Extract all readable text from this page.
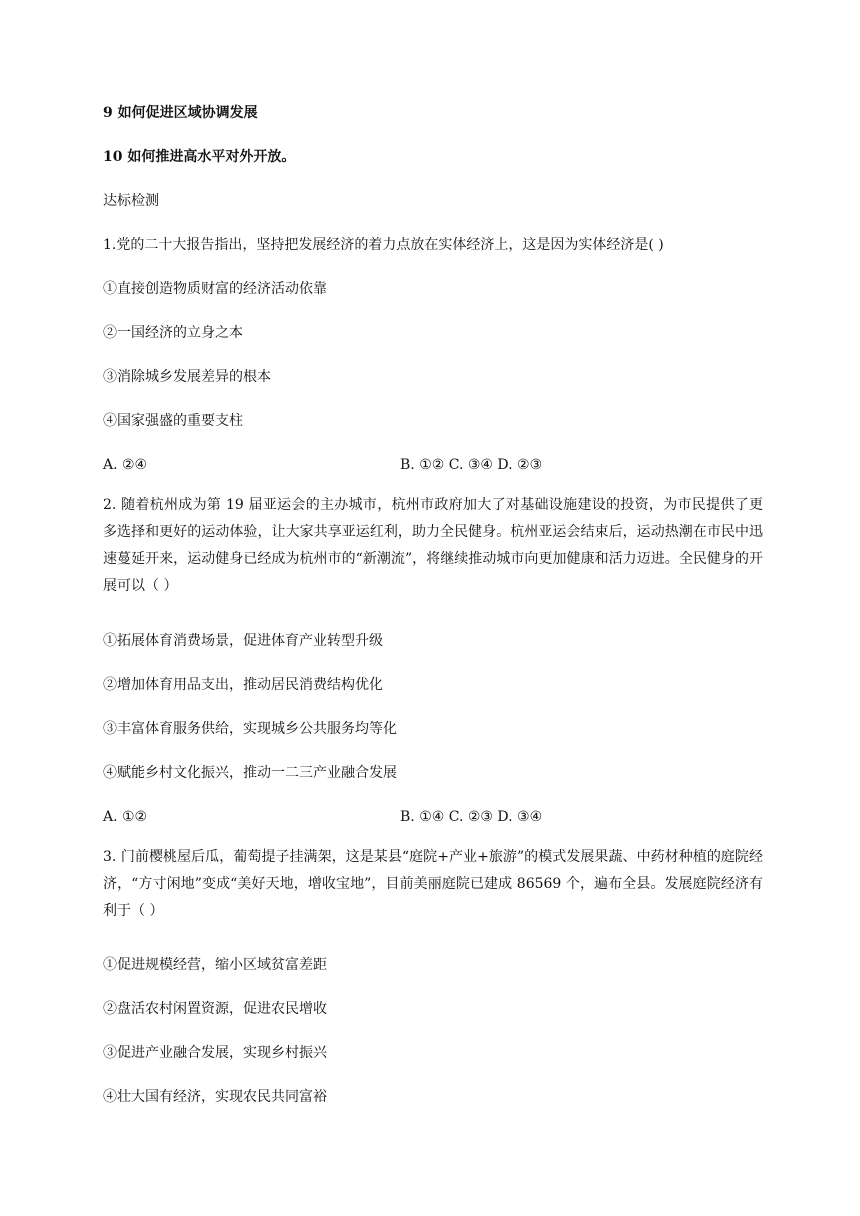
9 如何促进区域协调发展
10 如何推进高水平对外开放。
达标检测
1.党的二十大报告指出，坚持把发展经济的着力点放在实体经济上，这是因为实体经济是( )
①直接创造物质财富的经济活动依靠
②一国经济的立身之本
③消除城乡发展差异的根本
④国家强盛的重要支柱
A. ②④	B. ①② C. ③④ D. ②③
2. 随着杭州成为第 19 届亚运会的主办城市，杭州市政府加大了对基础设施建设的投资，为市民提供了更多选择和更好的运动体验，让大家共享亚运红利，助力全民健身。杭州亚运会结束后，运动热潮在市民中迅速蔓延开来，运动健身已经成为杭州市的“新潮流”，将继续推动城市向更加健康和活力迈进。全民健身的开展可以（ ）
①拓展体育消费场景，促进体育产业转型升级
②增加体育用品支出，推动居民消费结构优化
③丰富体育服务供给，实现城乡公共服务均等化
④赋能乡村文化振兴，推动一二三产业融合发展
A. ①②	B. ①④ C. ②③ D. ③④
3. 门前樱桃屋后瓜，葡萄提子挂满架，这是某县“庭院+产业+旅游”的模式发展果蔬、中药材种植的庭院经济，“方寸闲地”变成“美好天地，增收宝地”，目前美丽庭院已建成 86569 个，遍布全县。发展庭院经济有利于（ ）
①促进规模经营，缩小区域贫富差距
②盘活农村闲置资源，促进农民增收
③促进产业融合发展，实现乡村振兴
④壮大国有经济，实现农民共同富裕
